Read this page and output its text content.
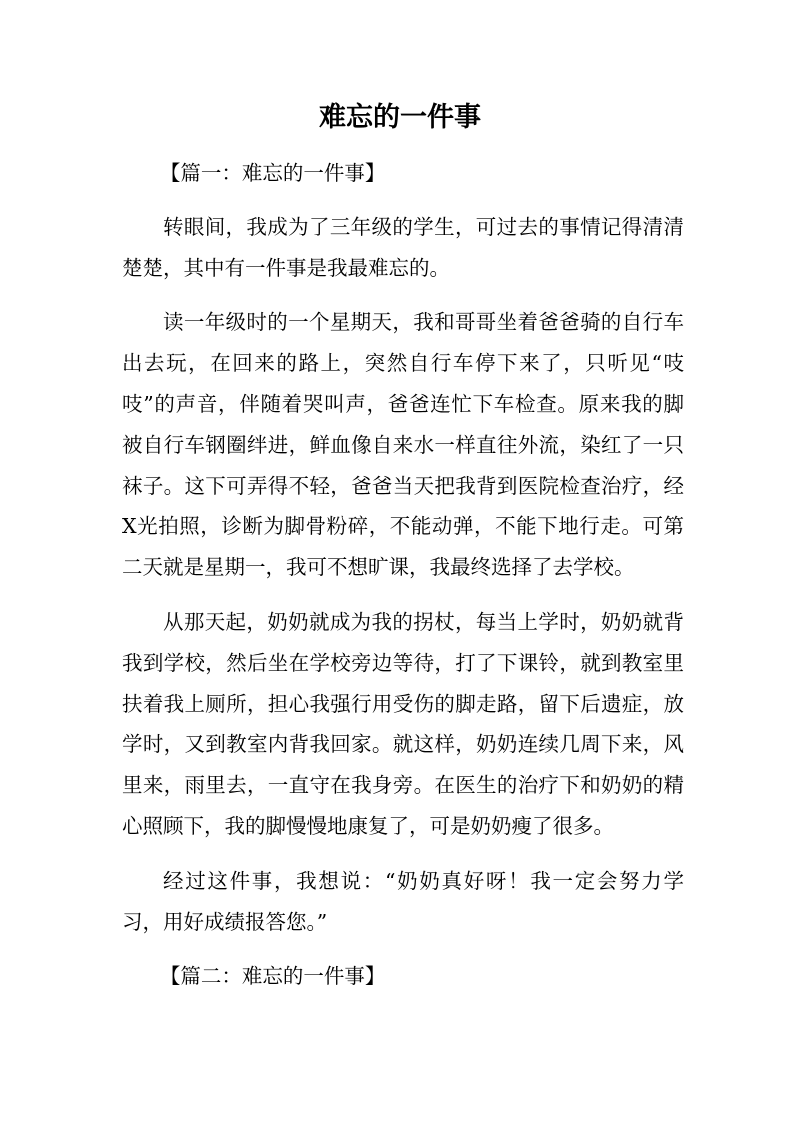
难忘的一件事

【篇一：难忘的一件事】

转眼间，我成为了三年级的学生，可过去的事情记得清清楚楚，其中有一件事是我最难忘的。

读一年级时的一个星期天，我和哥哥坐着爸爸骑的自行车出去玩，在回来的路上，突然自行车停下来了，只听见“吱吱”的声音，伴随着哭叫声，爸爸连忙下车检查。原来我的脚被自行车钢圈绊进，鲜血像自来水一样直往外流，染红了一只袜子。这下可弄得不轻，爸爸当天把我背到医院检查治疗，经X光拍照，诊断为脚骨粉碎，不能动弹，不能下地行走。可第二天就是星期一，我可不想旷课，我最终选择了去学校。

从那天起，奶奶就成为我的拐杖，每当上学时，奶奶就背我到学校，然后坐在学校旁边等待，打了下课铃，就到教室里扶着我上厕所，担心我强行用受伤的脚走路，留下后遗症，放学时，又到教室内背我回家。就这样，奶奶连续几周下来，风里来，雨里去，一直守在我身旁。在医生的治疗下和奶奶的精心照顾下，我的脚慢慢地康复了，可是奶奶瘦了很多。

经过这件事，我想说：“奶奶真好呀！我一定会努力学习，用好成绩报答您。”

【篇二：难忘的一件事】
